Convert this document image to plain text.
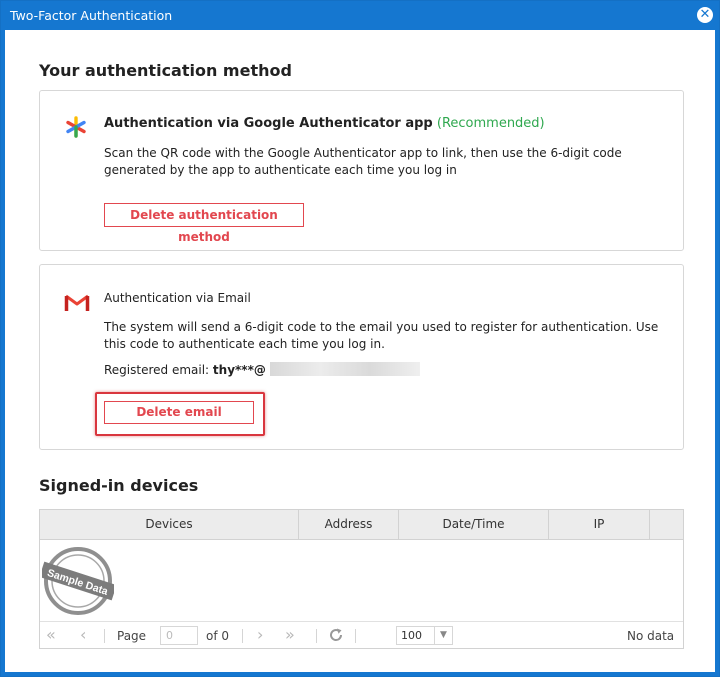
Two-Factor Authentication	✕
Your authentication method
Authentication via Google Authenticator app (Recommended)
Scan the QR code with the Google Authenticator app to link, then use the 6-digit code generated by the app to authenticate each time you log in
Delete authentication method
Authentication via Email
The system will send a 6-digit code to the email you used to register for authentication. Use this code to authenticate each time you log in.
Registered email: thy***@
Delete email
Signed-in devices
Devices	Address	Date/Time	IP
Sample Data
« ‹	Page	0	of 0 › »	100	▼	No data
